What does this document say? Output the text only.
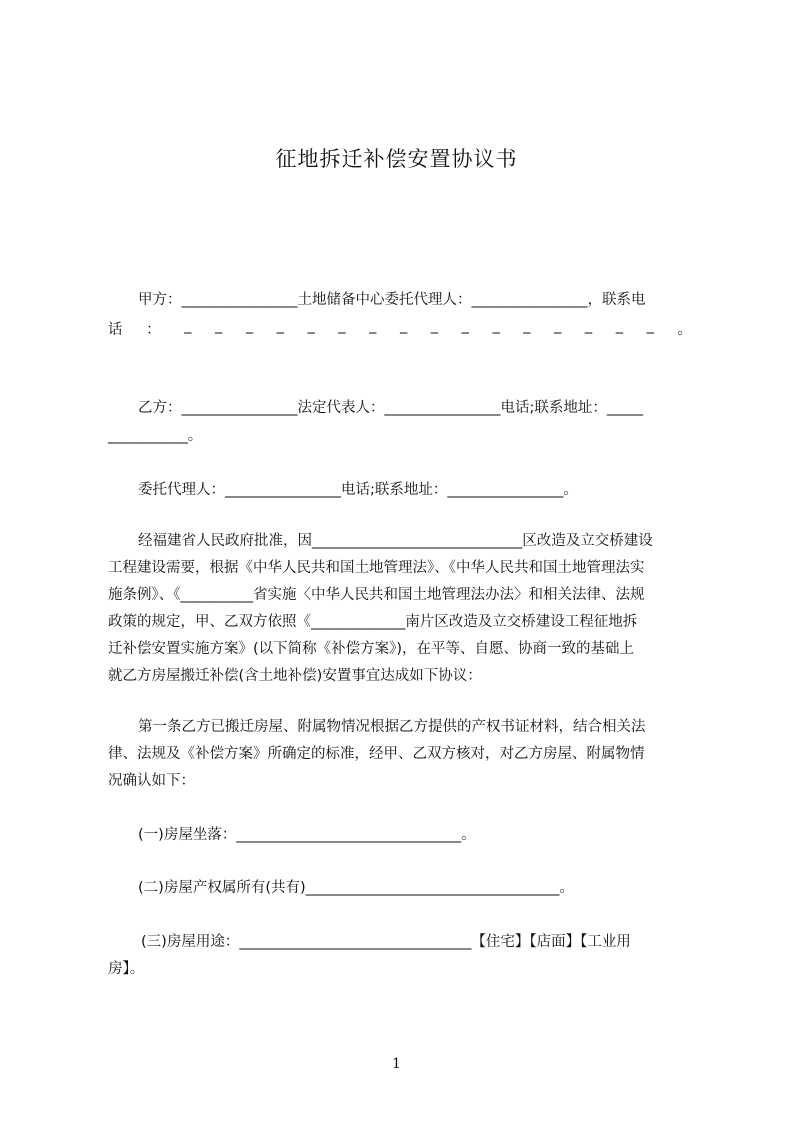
征地拆迁补偿安置协议书
甲方：________________土地储备中心委托代理人：________________，联系电
话 ： _ _ _ _ _ _ _ _ _ _ _ _ _ _ _ _ 。
乙方：________________法定代表人：________________电话;联系地址：_____
___________。
委托代理人：________________电话;联系地址：________________。
经福建省人民政府批准，因_____________________________区改造及立交桥建设
工程建设需要，根据《中华人民共和国土地管理法》、《中华人民共和国土地管理法实
施条例》、《__________省实施〈中华人民共和国土地管理法办法〉和相关法律、法规
政策的规定，甲、乙双方依照《_____________南片区改造及立交桥建设工程征地拆
迁补偿安置实施方案》(以下简称《补偿方案》)，在平等、自愿、协商一致的基础上
就乙方房屋搬迁补偿(含土地补偿)安置事宜达成如下协议：
第一条乙方已搬迁房屋、附属物情况根据乙方提供的产权书证材料，结合相关法
律、法规及《补偿方案》所确定的标准，经甲、乙双方核对，对乙方房屋、附属物情
况确认如下：
(一)房屋坐落：_______________________________。
(二)房屋产权属所有(共有)___________________________________。
(三)房屋用途：________________________________【住宅】【店面】【工业用
房】。
1
